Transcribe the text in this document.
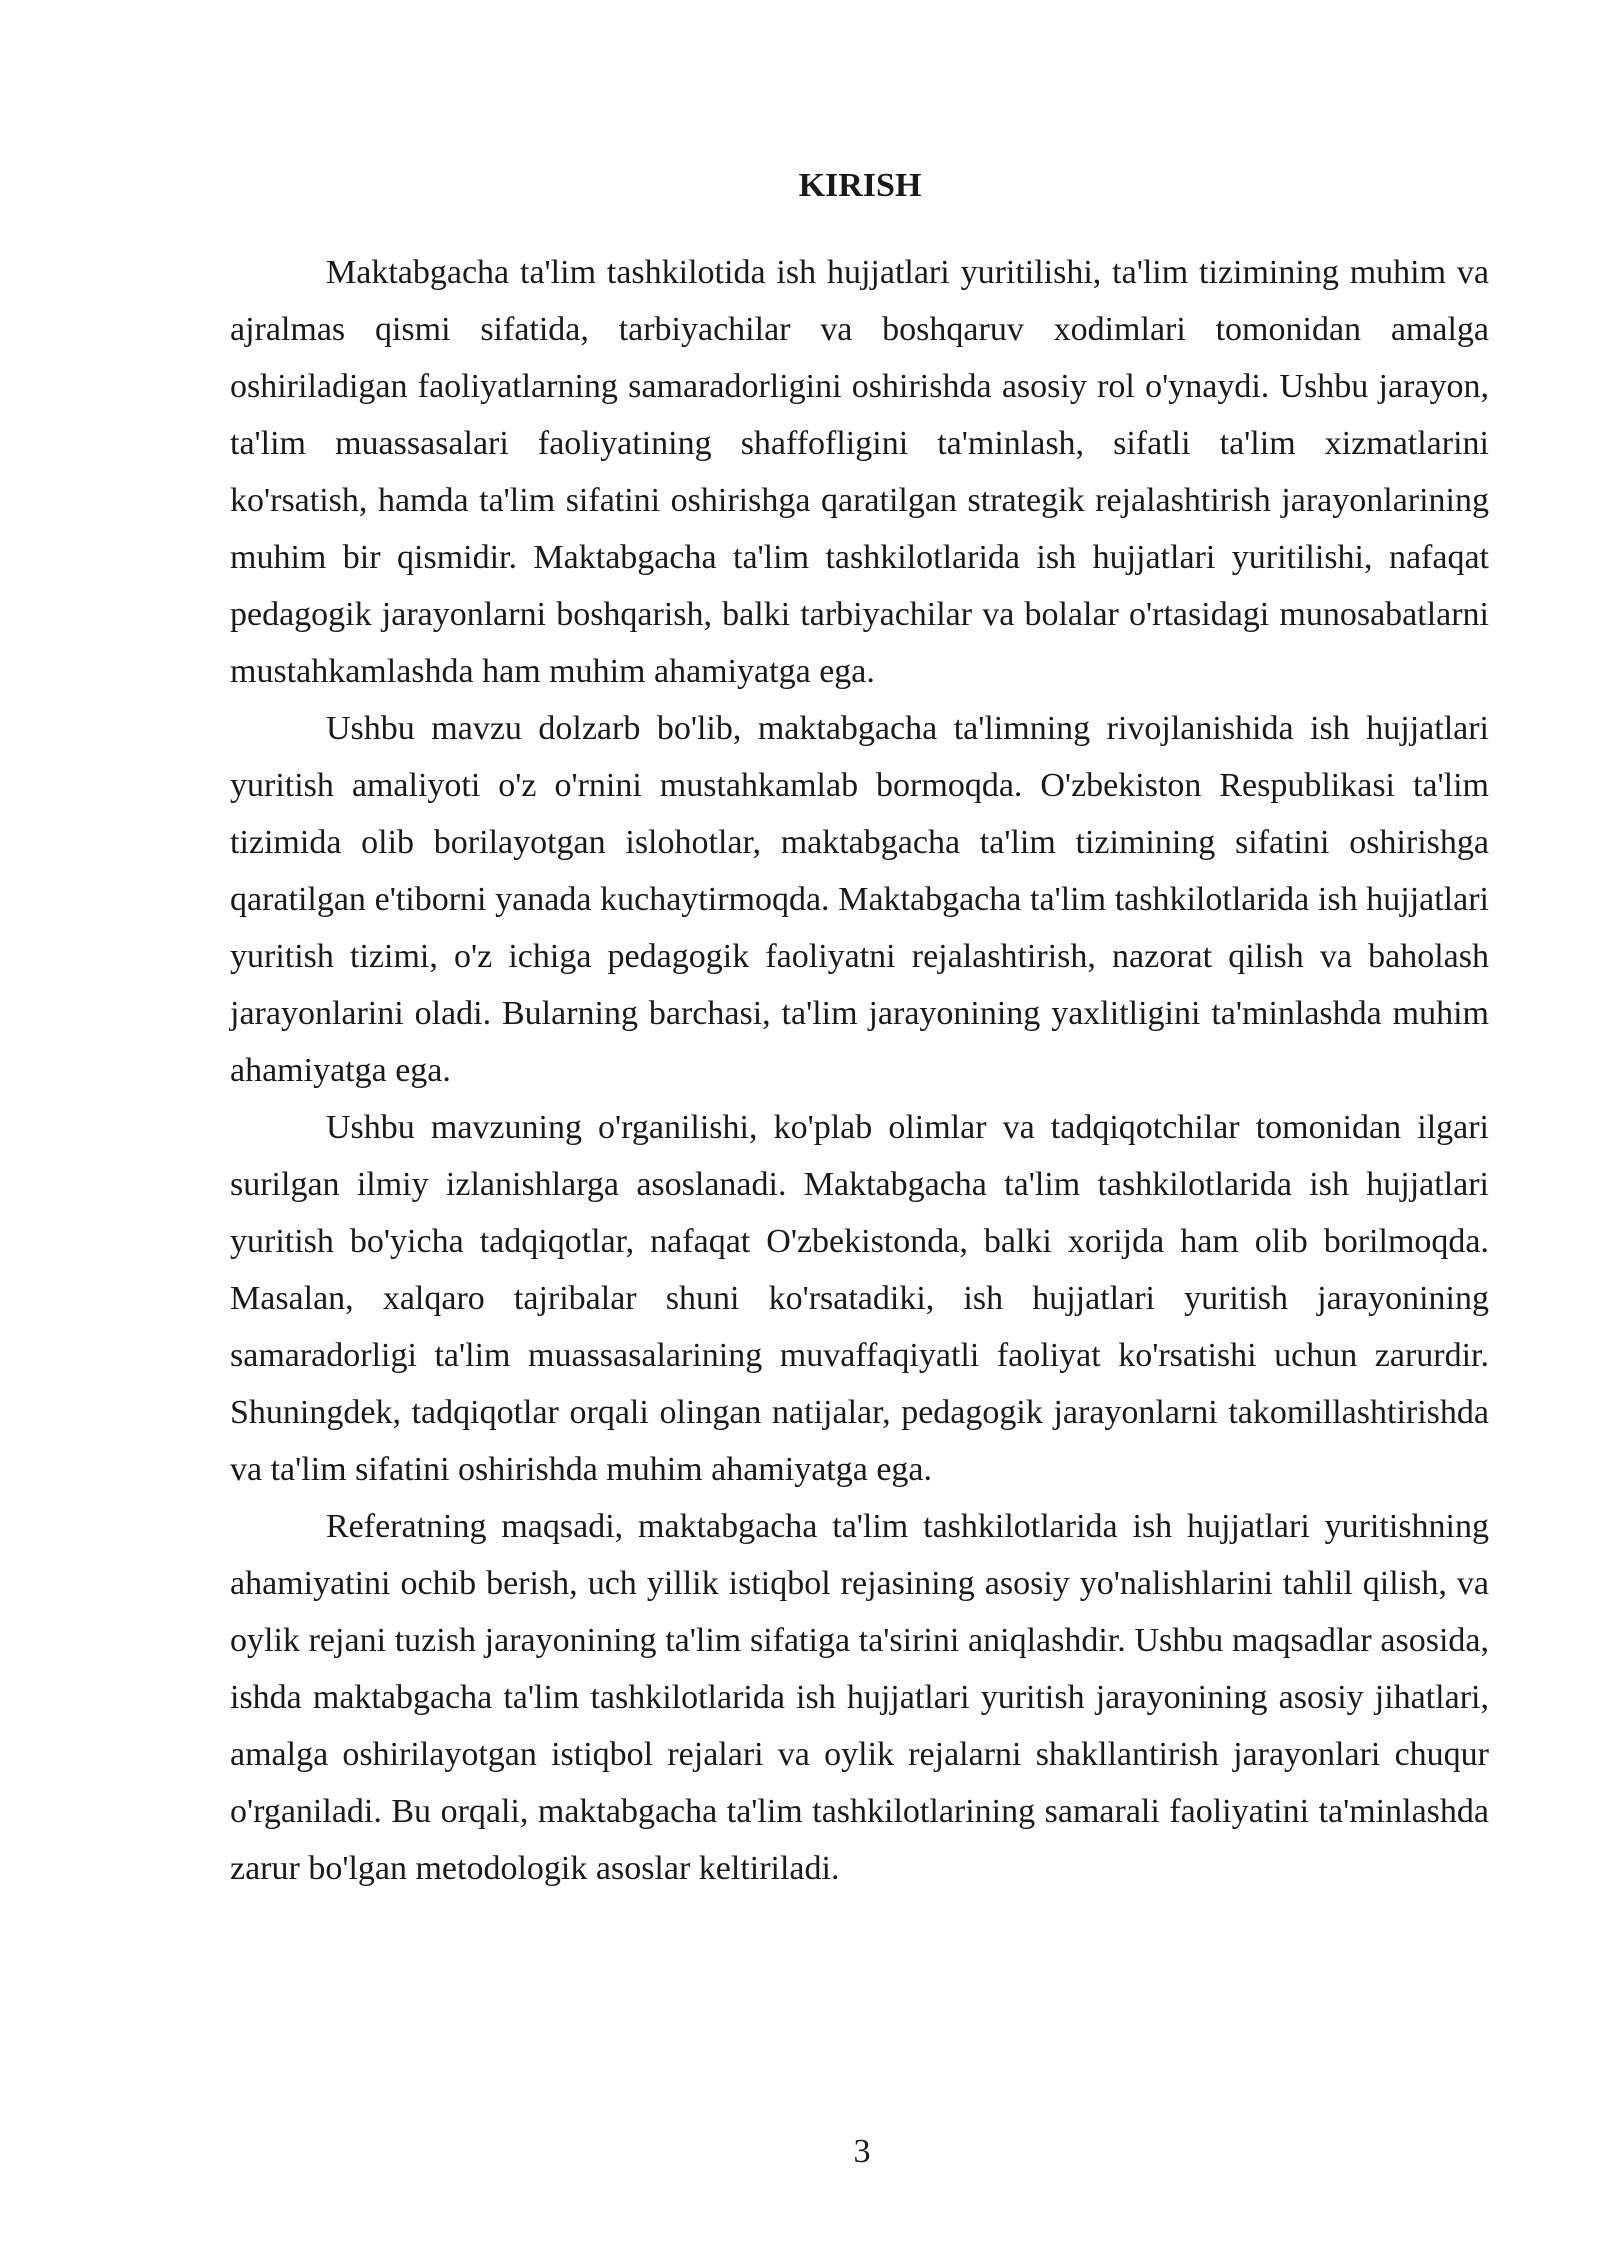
KIRISH

Maktabgacha ta'lim tashkilotida ish hujjatlari yuritilishi, ta'lim tizimining muhim va ajralmas qismi sifatida, tarbiyachilar va boshqaruv xodimlari tomonidan amalga oshiriladigan faoliyatlarning samaradorligini oshirishda asosiy rol o'ynaydi. Ushbu jarayon, ta'lim muassasalari faoliyatining shaffofligini ta'minlash, sifatli ta'lim xizmatlarini ko'rsatish, hamda ta'lim sifatini oshirishga qaratilgan strategik rejalashtirish jarayonlarining muhim bir qismidir. Maktabgacha ta'lim tashkilotlarida ish hujjatlari yuritilishi, nafaqat pedagogik jarayonlarni boshqarish, balki tarbiyachilar va bolalar o'rtasidagi munosabatlarni mustahkamlashda ham muhim ahamiyatga ega.

Ushbu mavzu dolzarb bo'lib, maktabgacha ta'limning rivojlanishida ish hujjatlari yuritish amaliyoti o'z o'rnini mustahkamlab bormoqda. O'zbekiston Respublikasi ta'lim tizimida olib borilayotgan islohotlar, maktabgacha ta'lim tizimining sifatini oshirishga qaratilgan e'tiborni yanada kuchaytirmoqda. Maktabgacha ta'lim tashkilotlarida ish hujjatlari yuritish tizimi, o'z ichiga pedagogik faoliyatni rejalashtirish, nazorat qilish va baholash jarayonlarini oladi. Bularning barchasi, ta'lim jarayonining yaxlitligini ta'minlashda muhim ahamiyatga ega.

Ushbu mavzuning o'rganilishi, ko'plab olimlar va tadqiqotchilar tomonidan ilgari surilgan ilmiy izlanishlarga asoslanadi. Maktabgacha ta'lim tashkilotlarida ish hujjatlari yuritish bo'yicha tadqiqotlar, nafaqat O'zbekistonda, balki xorijda ham olib borilmoqda. Masalan, xalqaro tajribalar shuni ko'rsatadiki, ish hujjatlari yuritish jarayonining samaradorligi ta'lim muassasalarining muvaffaqiyatli faoliyat ko'rsatishi uchun zarurdir. Shuningdek, tadqiqotlar orqali olingan natijalar, pedagogik jarayonlarni takomillashtirishda va ta'lim sifatini oshirishda muhim ahamiyatga ega.

Referatning maqsadi, maktabgacha ta'lim tashkilotlarida ish hujjatlari yuritishning ahamiyatini ochib berish, uch yillik istiqbol rejasining asosiy yo'nalishlarini tahlil qilish, va oylik rejani tuzish jarayonining ta'lim sifatiga ta'sirini aniqlashdir. Ushbu maqsadlar asosida, ishda maktabgacha ta'lim tashkilotlarida ish hujjatlari yuritish jarayonining asosiy jihatlari, amalga oshirilayotgan istiqbol rejalari va oylik rejalarni shakllantirish jarayonlari chuqur o'rganiladi. Bu orqali, maktabgacha ta'lim tashkilotlarining samarali faoliyatini ta'minlashda zarur bo'lgan metodologik asoslar keltiriladi.

3
